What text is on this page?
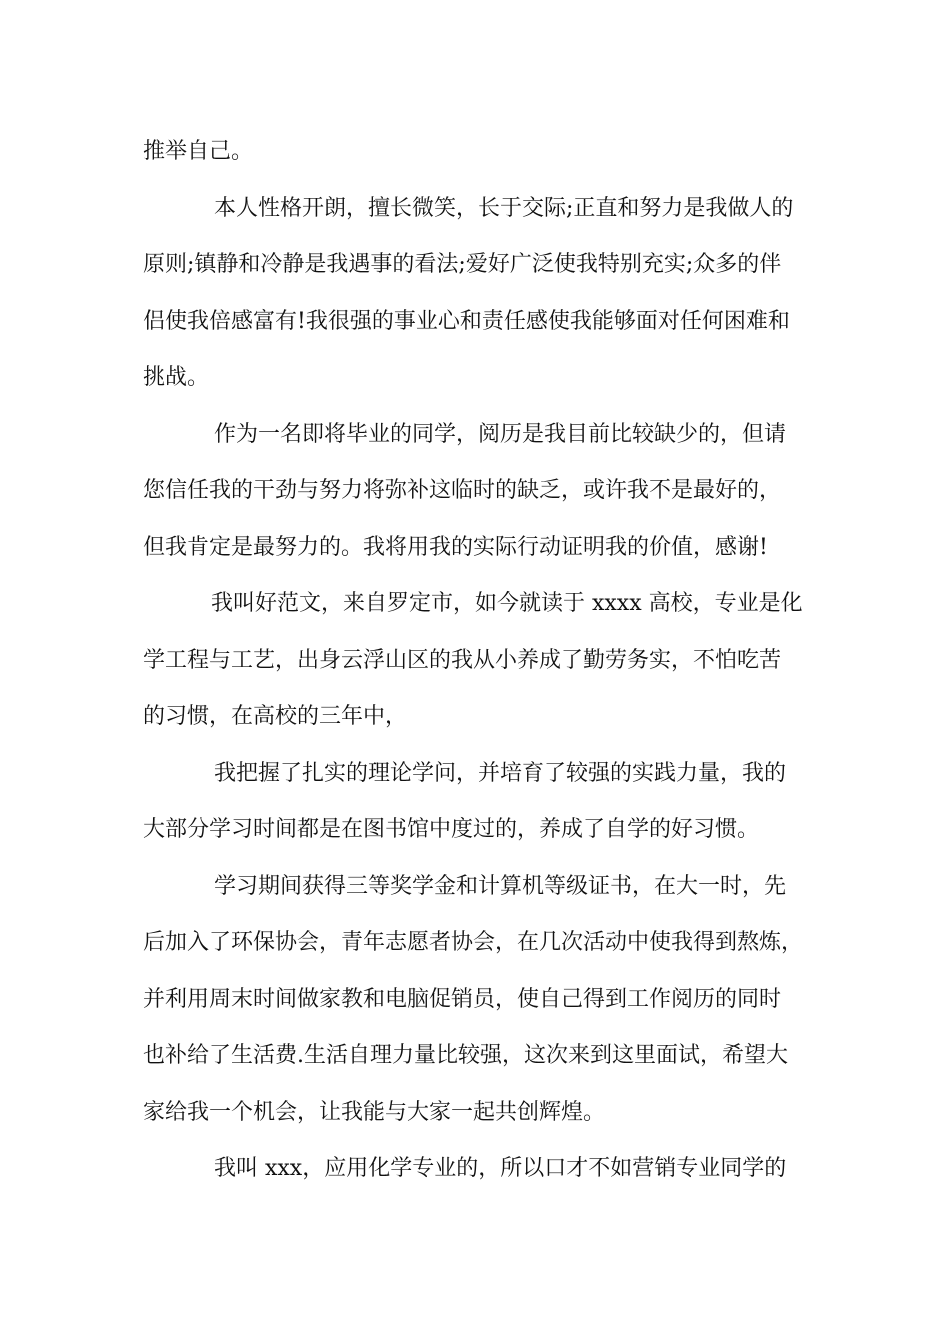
推举自己。
本人性格开朗，擅长微笑，长于交际;正直和努力是我做人的
原则;镇静和冷静是我遇事的看法;爱好广泛使我特别充实;众多的伴
侣使我倍感富有!我很强的事业心和责任感使我能够面对任何困难和
挑战。
作为一名即将毕业的同学，阅历是我目前比较缺少的，但请
您信任我的干劲与努力将弥补这临时的缺乏，或许我不是最好的，
但我肯定是最努力的。我将用我的实际行动证明我的价值，感谢!
我叫好范文，来自罗定市，如今就读于 xxxx 高校，专业是化
学工程与工艺，出身云浮山区的我从小养成了勤劳务实，不怕吃苦
的习惯，在高校的三年中，
我把握了扎实的理论学问，并培育了较强的实践力量，我的
大部分学习时间都是在图书馆中度过的，养成了自学的好习惯。
学习期间获得三等奖学金和计算机等级证书，在大一时，先
后加入了环保协会，青年志愿者协会，在几次活动中使我得到熬炼，
并利用周末时间做家教和电脑促销员，使自己得到工作阅历的同时
也补给了生活费.生活自理力量比较强，这次来到这里面试，希望大
家给我一个机会，让我能与大家一起共创辉煌。
我叫 xxx，应用化学专业的，所以口才不如营销专业同学的
